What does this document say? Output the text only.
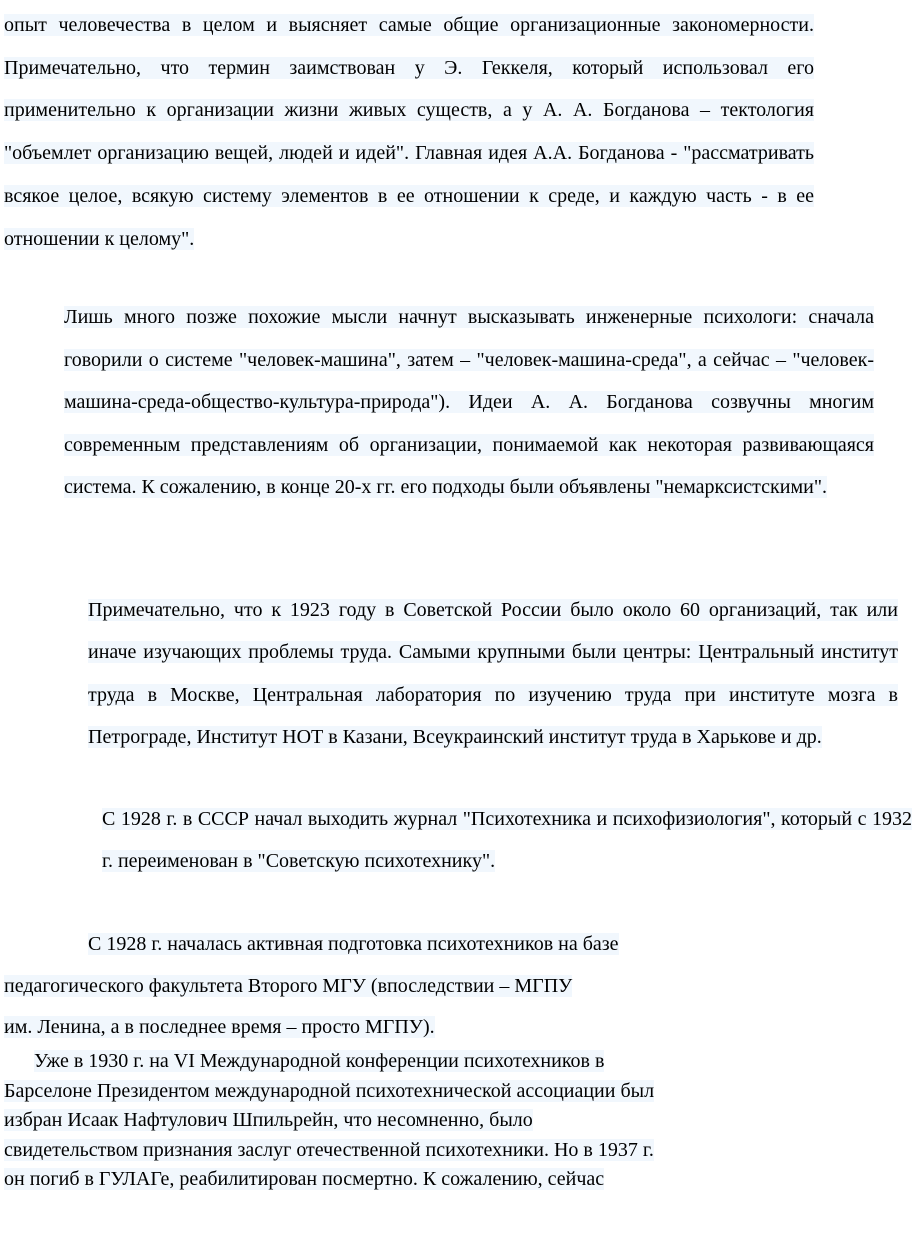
опыт человечества в целом и выясняет самые общие организационные закономерности. Примечательно, что термин заимствован у Э. Геккеля, который использовал его применительно к организации жизни живых существ, а у А. А. Богданова – тектология "объемлет организацию вещей, людей и идей". Главная идея А.А. Богданова - "рассматривать всякое целое, всякую систему элементов в ее отношении к среде, и каждую часть - в ее отношении к целому".

Лишь много позже похожие мысли начнут высказывать инженерные психологи: сначала говорили о системе "человек-машина", затем – "человек-машина-среда", а сейчас – "человек-машина-среда-общество-культура-природа"). Идеи А. А. Богданова созвучны многим современным представлениям об организации, понимаемой как некоторая развивающаяся система. К сожалению, в конце 20-х гг. его подходы были объявлены "немарксистскими".

Примечательно, что к 1923 году в Советской России было около 60 организаций, так или иначе изучающих проблемы труда. Самыми крупными были центры: Центральный институт труда в Москве, Центральная лаборатория по изучению труда при институте мозга в Петрограде, Институт НОТ в Казани, Всеукраинский институт труда в Харькове и др.

С 1928 г. в СССР начал выходить журнал "Психотехника и психофизиология", который с 1932 г. переименован в "Советскую психотехнику".

С 1928 г. началась активная подготовка психотехников на базе
педагогического факультета Второго МГУ (впоследствии – МГПУ
им. Ленина, а в последнее время – просто МГПУ).
Уже в 1930 г. на VI Международной конференции психотехников в
Барселоне Президентом международной психотехнической ассоциации был
избран Исаак Нафтулович Шпильрейн, что несомненно, было
свидетельством признания заслуг отечественной психотехники. Но в 1937 г.
он погиб в ГУЛАГе, реабилитирован посмертно. К сожалению, сейчас
